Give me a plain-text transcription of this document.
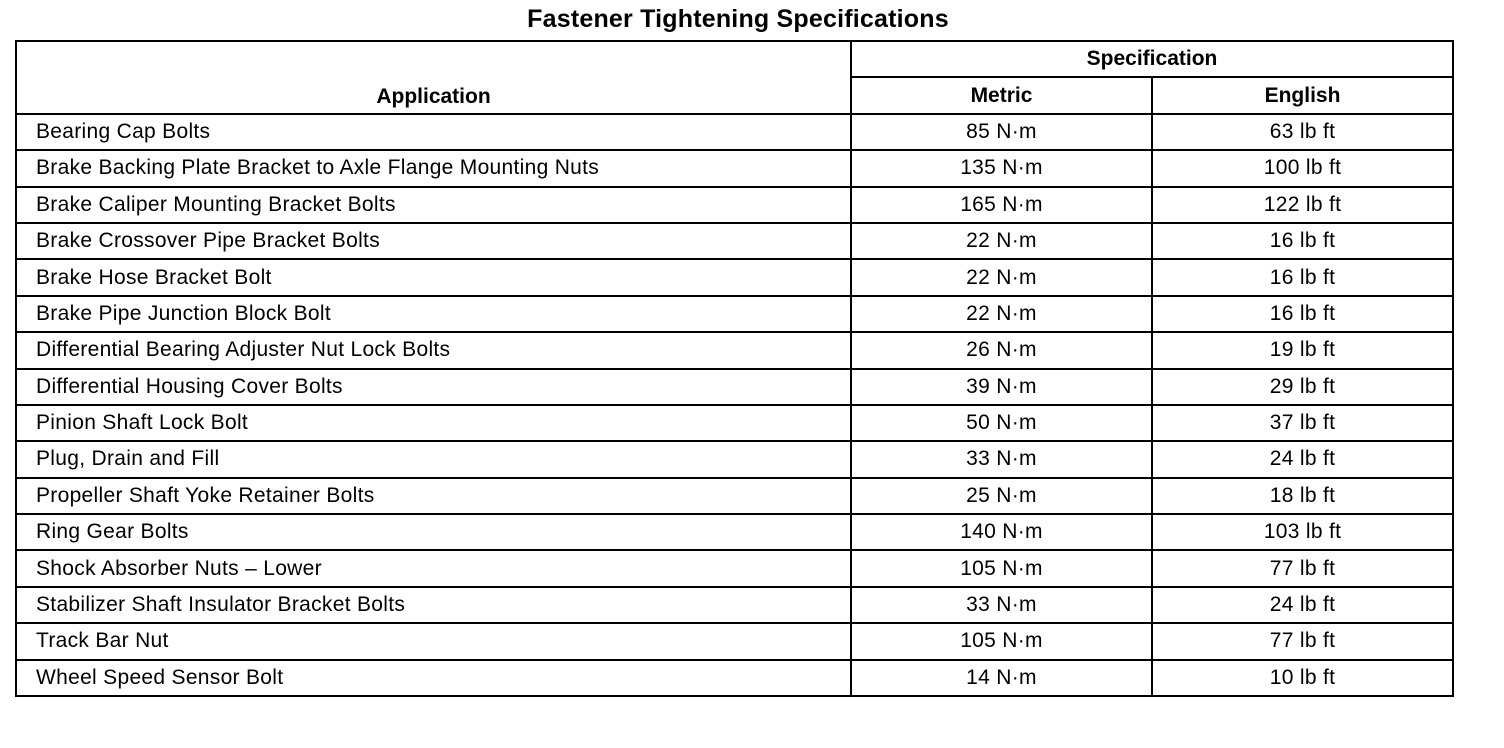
Fastener Tightening Specifications
Application	Specification	
	Metric	English
Bearing Cap Bolts	85 N·m	63 lb ft
Brake Backing Plate Bracket to Axle Flange Mounting Nuts	135 N·m	100 lb ft
Brake Caliper Mounting Bracket Bolts	165 N·m	122 lb ft
Brake Crossover Pipe Bracket Bolts	22 N·m	16 lb ft
Brake Hose Bracket Bolt	22 N·m	16 lb ft
Brake Pipe Junction Block Bolt	22 N·m	16 lb ft
Differential Bearing Adjuster Nut Lock Bolts	26 N·m	19 lb ft
Differential Housing Cover Bolts	39 N·m	29 lb ft
Pinion Shaft Lock Bolt	50 N·m	37 lb ft
Plug, Drain and Fill	33 N·m	24 lb ft
Propeller Shaft Yoke Retainer Bolts	25 N·m	18 lb ft
Ring Gear Bolts	140 N·m	103 lb ft
Shock Absorber Nuts – Lower	105 N·m	77 lb ft
Stabilizer Shaft Insulator Bracket Bolts	33 N·m	24 lb ft
Track Bar Nut	105 N·m	77 lb ft
Wheel Speed Sensor Bolt	14 N·m	10 lb ft
